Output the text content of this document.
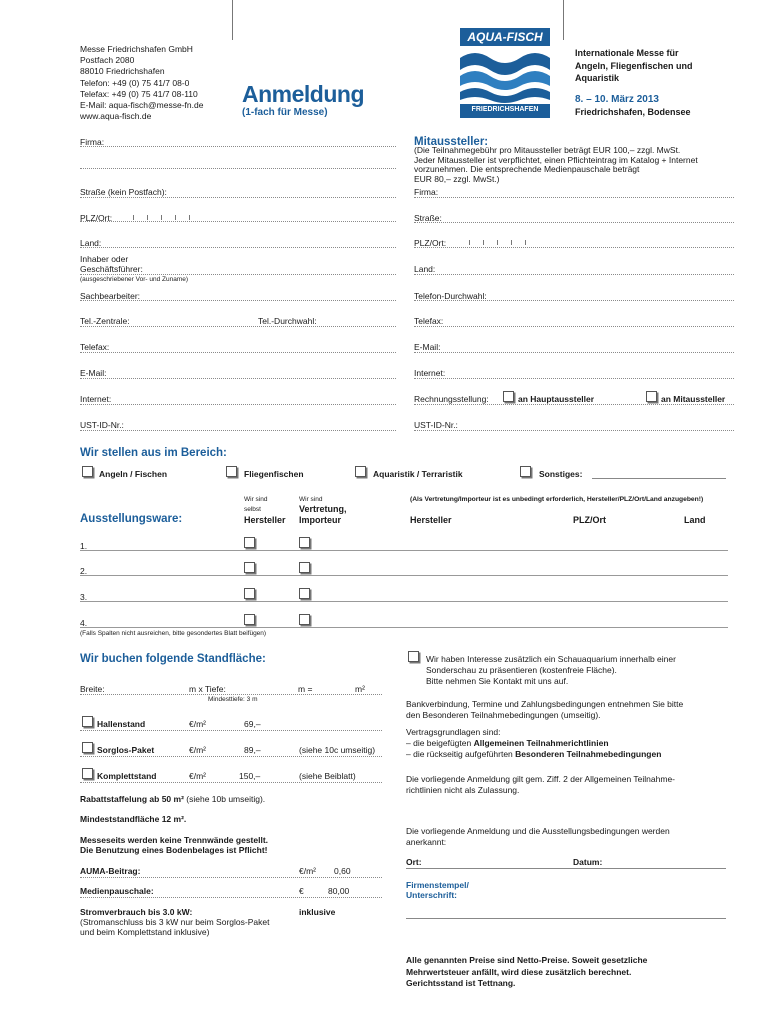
Messe Friedrichshafen GmbH
Postfach 2080
88010 Friedrichshafen
Telefon: +49 (0) 75 41/7 08-0
Telefax: +49 (0) 75 41/7 08-110
E-Mail: aqua-fisch@messe-fn.de
www.aqua-fisch.de
Anmeldung
(1-fach für Messe)
AQUA-FISCH
FRIEDRICHSHAFEN
Internationale Messe für
Angeln, Fliegenfischen und
Aquaristik
8. – 10. März 2013
Friedrichshafen, Bodensee
Firma:
Straße (kein Postfach):
PLZ/Ort:
Land:
Inhaber oder
Geschäftsführer:
(ausgeschriebener Vor- und Zuname)
Sachbearbeiter:
Tel.-Zentrale:	Tel.-Durchwahl:
Telefax:
E-Mail:
Internet:
UST-ID-Nr.:
Mitaussteller:
(Die Teilnahmegebühr pro Mitaussteller beträgt EUR 100,– zzgl. MwSt.
Jeder Mitaussteller ist verpflichtet, einen Pflichteintrag im Katalog + Internet
vorzunehmen. Die entsprechende Medienpauschale beträgt
EUR 80,– zzgl. MwSt.)
Firma:
Straße:
PLZ/Ort:
Land:
Telefon-Durchwahl:
Telefax:
E-Mail:
Internet:
Rechnungsstellung:	an Hauptaussteller	an Mitaussteller
UST-ID-Nr.:
Wir stellen aus im Bereich:
Angeln / Fischen	Fliegenfischen	Aquaristik / Terraristik	Sonstiges:
Wir sind
selbst
Hersteller
Wir sind
Vertretung,
Importeur
(Als Vertretung/Importeur ist es unbedingt erforderlich, Hersteller/PLZ/Ort/Land anzugeben!)
Ausstellungsware:	Hersteller	PLZ/Ort	Land
1.
2.
3.
4.
(Falls Spalten nicht ausreichen, bitte gesondertes Blatt beifügen)
Wir buchen folgende Standfläche:
Breite:	m x Tiefe:	m =	m²
Mindesttiefe: 3 m
Hallenstand	€/m²	69,–
Sorglos-Paket	€/m²	89,–	(siehe 10c umseitig)
Komplettstand	€/m²	150,–	(siehe Beiblatt)
Rabattstaffelung ab 50 m² (siehe 10b umseitig).
Mindeststandfläche 12 m².
Messeseits werden keine Trennwände gestellt.
Die Benutzung eines Bodenbelages ist Pflicht!
AUMA-Beitrag:	€/m² 0,60
Medienpauschale:	€	80,00
Stromverbrauch bis 3.0 kW:	inklusive
(Stromanschluss bis 3 kW nur beim Sorglos-Paket
und beim Komplettstand inklusive)
Wir haben Interesse zusätzlich ein Schauaquarium innerhalb einer
Sonderschau zu präsentieren (kostenfreie Fläche).
Bitte nehmen Sie Kontakt mit uns auf.
Bankverbindung, Termine und Zahlungsbedingungen entnehmen Sie bitte
den Besonderen Teilnahmebedingungen (umseitig).
Vertragsgrundlagen sind:
– die beigefügten Allgemeinen Teilnahmerichtlinien
– die rückseitig aufgeführten Besonderen Teilnahmebedingungen
Die vorliegende Anmeldung gilt gem. Ziff. 2 der Allgemeinen Teilnahme-
richtlinien nicht als Zulassung.
Die vorliegende Anmeldung und die Ausstellungsbedingungen werden
anerkannt:
Ort:	Datum:
Firmenstempel/
Unterschrift:
Alle genannten Preise sind Netto-Preise. Soweit gesetzliche
Mehrwertsteuer anfällt, wird diese zusätzlich berechnet.
Gerichtsstand ist Tettnang.
